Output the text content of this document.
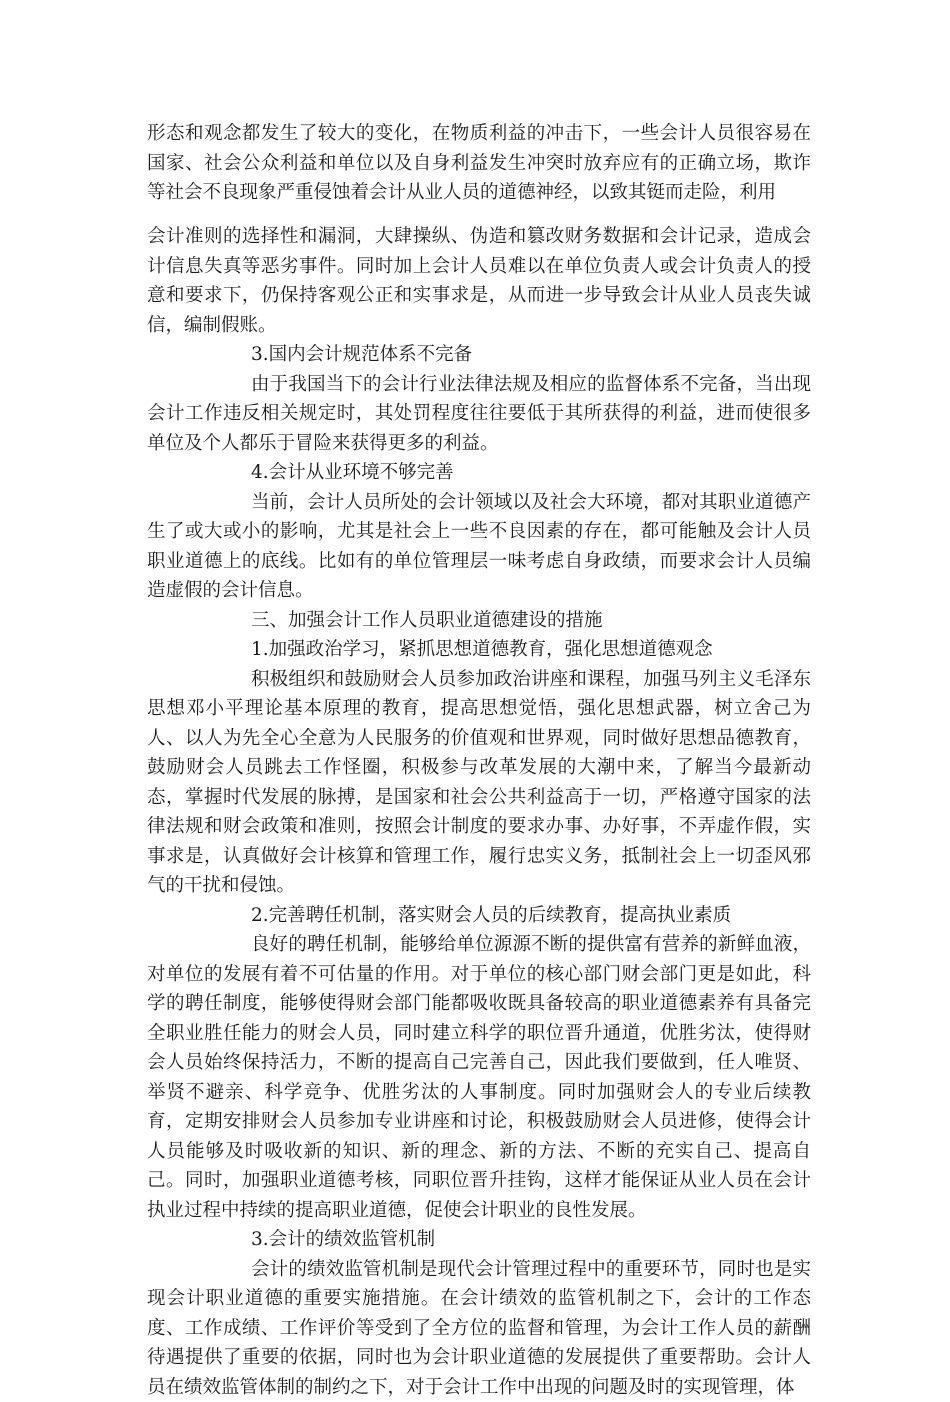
形态和观念都发生了较大的变化，在物质利益的冲击下，一些会计人员很容易在国家、社会公众利益和单位以及自身利益发生冲突时放弃应有的正确立场，欺诈等社会不良现象严重侵蚀着会计从业人员的道德神经，以致其铤而走险，利用

会计准则的选择性和漏洞，大肆操纵、伪造和篡改财务数据和会计记录，造成会计信息失真等恶劣事件。同时加上会计人员难以在单位负责人或会计负责人的授意和要求下，仍保持客观公正和实事求是，从而进一步导致会计从业人员丧失诚信，编制假账。

3.国内会计规范体系不完备

由于我国当下的会计行业法律法规及相应的监督体系不完备，当出现会计工作违反相关规定时，其处罚程度往往要低于其所获得的利益，进而使很多单位及个人都乐于冒险来获得更多的利益。

4.会计从业环境不够完善

当前，会计人员所处的会计领域以及社会大环境，都对其职业道德产生了或大或小的影响，尤其是社会上一些不良因素的存在，都可能触及会计人员职业道德上的底线。比如有的单位管理层一味考虑自身政绩，而要求会计人员编造虚假的会计信息。

三、加强会计工作人员职业道德建设的措施

1.加强政治学习，紧抓思想道德教育，强化思想道德观念

积极组织和鼓励财会人员参加政治讲座和课程，加强马列主义毛泽东思想邓小平理论基本原理的教育，提高思想觉悟，强化思想武器，树立舍己为人、以人为先全心全意为人民服务的价值观和世界观，同时做好思想品德教育，鼓励财会人员跳去工作怪圈，积极参与改革发展的大潮中来，了解当今最新动态，掌握时代发展的脉搏，是国家和社会公共利益高于一切，严格遵守国家的法律法规和财会政策和准则，按照会计制度的要求办事、办好事，不弄虚作假，实事求是，认真做好会计核算和管理工作，履行忠实义务，抵制社会上一切歪风邪气的干扰和侵蚀。

2.完善聘任机制，落实财会人员的后续教育，提高执业素质

良好的聘任机制，能够给单位源源不断的提供富有营养的新鲜血液，对单位的发展有着不可估量的作用。对于单位的核心部门财会部门更是如此，科学的聘任制度，能够使得财会部门能都吸收既具备较高的职业道德素养有具备完全职业胜任能力的财会人员，同时建立科学的职位晋升通道，优胜劣汰，使得财会人员始终保持活力，不断的提高自己完善自己，因此我们要做到，任人唯贤、举贤不避亲、科学竞争、优胜劣汰的人事制度。同时加强财会人的专业后续教育，定期安排财会人员参加专业讲座和讨论，积极鼓励财会人员进修，使得会计人员能够及时吸收新的知识、新的理念、新的方法、不断的充实自己、提高自己。同时，加强职业道德考核，同职位晋升挂钩，这样才能保证从业人员在会计执业过程中持续的提高职业道德，促使会计职业的良性发展。

3.会计的绩效监管机制

会计的绩效监管机制是现代会计管理过程中的重要环节，同时也是实现会计职业道德的重要实施措施。在会计绩效的监管机制之下，会计的工作态度、工作成绩、工作评价等受到了全方位的监督和管理，为会计工作人员的薪酬待遇提供了重要的依据，同时也为会计职业道德的发展提供了重要帮助。会计人员在绩效监管体制的制约之下，对于会计工作中出现的问题及时的实现管理，体
